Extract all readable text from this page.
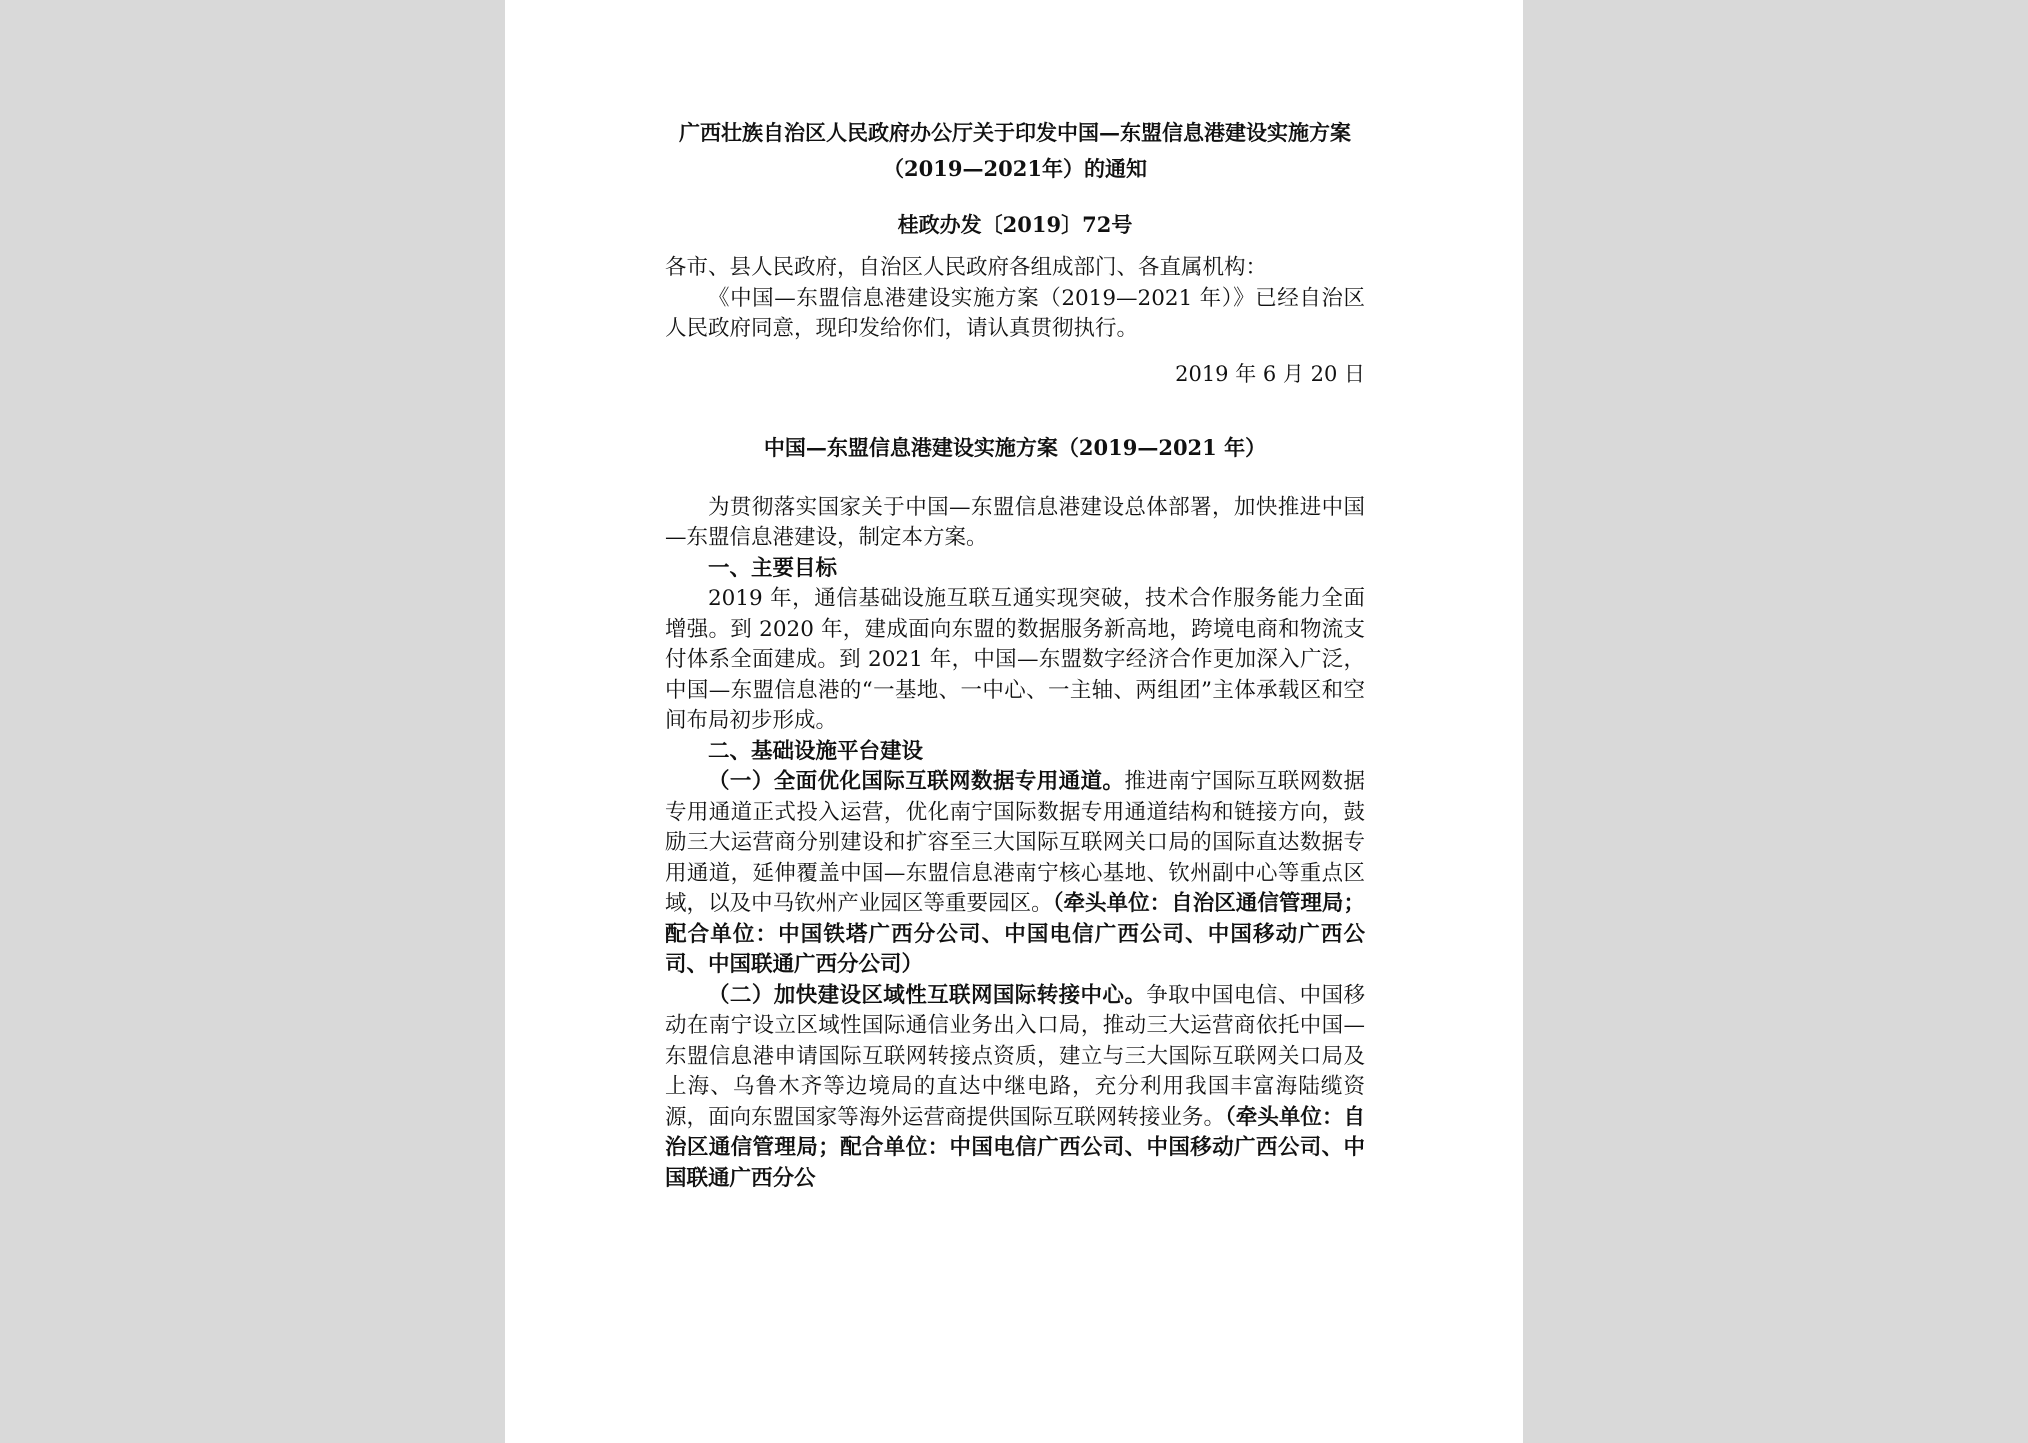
广西壮族自治区人民政府办公厅关于印发中国—东盟信息港建设实施方案（2019—2021年）的通知

桂政办发〔2019〕72号

各市、县人民政府，自治区人民政府各组成部门、各直属机构：

《中国—东盟信息港建设实施方案（2019—2021 年）》已经自治区人民政府同意，现印发给你们，请认真贯彻执行。

2019 年 6 月 20 日

中国—东盟信息港建设实施方案（2019—2021 年）

为贯彻落实国家关于中国—东盟信息港建设总体部署，加快推进中国—东盟信息港建设，制定本方案。

一、主要目标

2019 年，通信基础设施互联互通实现突破，技术合作服务能力全面增强。到 2020 年，建成面向东盟的数据服务新高地，跨境电商和物流支付体系全面建成。到 2021 年，中国—东盟数字经济合作更加深入广泛，中国—东盟信息港的“一基地、一中心、一主轴、两组团”主体承载区和空间布局初步形成。

二、基础设施平台建设

（一）全面优化国际互联网数据专用通道。推进南宁国际互联网数据专用通道正式投入运营，优化南宁国际数据专用通道结构和链接方向，鼓励三大运营商分别建设和扩容至三大国际互联网关口局的国际直达数据专用通道，延伸覆盖中国—东盟信息港南宁核心基地、钦州副中心等重点区域，以及中马钦州产业园区等重要园区。（牵头单位：自治区通信管理局；配合单位：中国铁塔广西分公司、中国电信广西公司、中国移动广西公司、中国联通广西分公司）

（二）加快建设区域性互联网国际转接中心。争取中国电信、中国移动在南宁设立区域性国际通信业务出入口局，推动三大运营商依托中国—东盟信息港申请国际互联网转接点资质，建立与三大国际互联网关口局及上海、乌鲁木齐等边境局的直达中继电路，充分利用我国丰富海陆缆资源，面向东盟国家等海外运营商提供国际互联网转接业务。（牵头单位：自治区通信管理局；配合单位：中国电信广西公司、中国移动广西公司、中国联通广西分公
